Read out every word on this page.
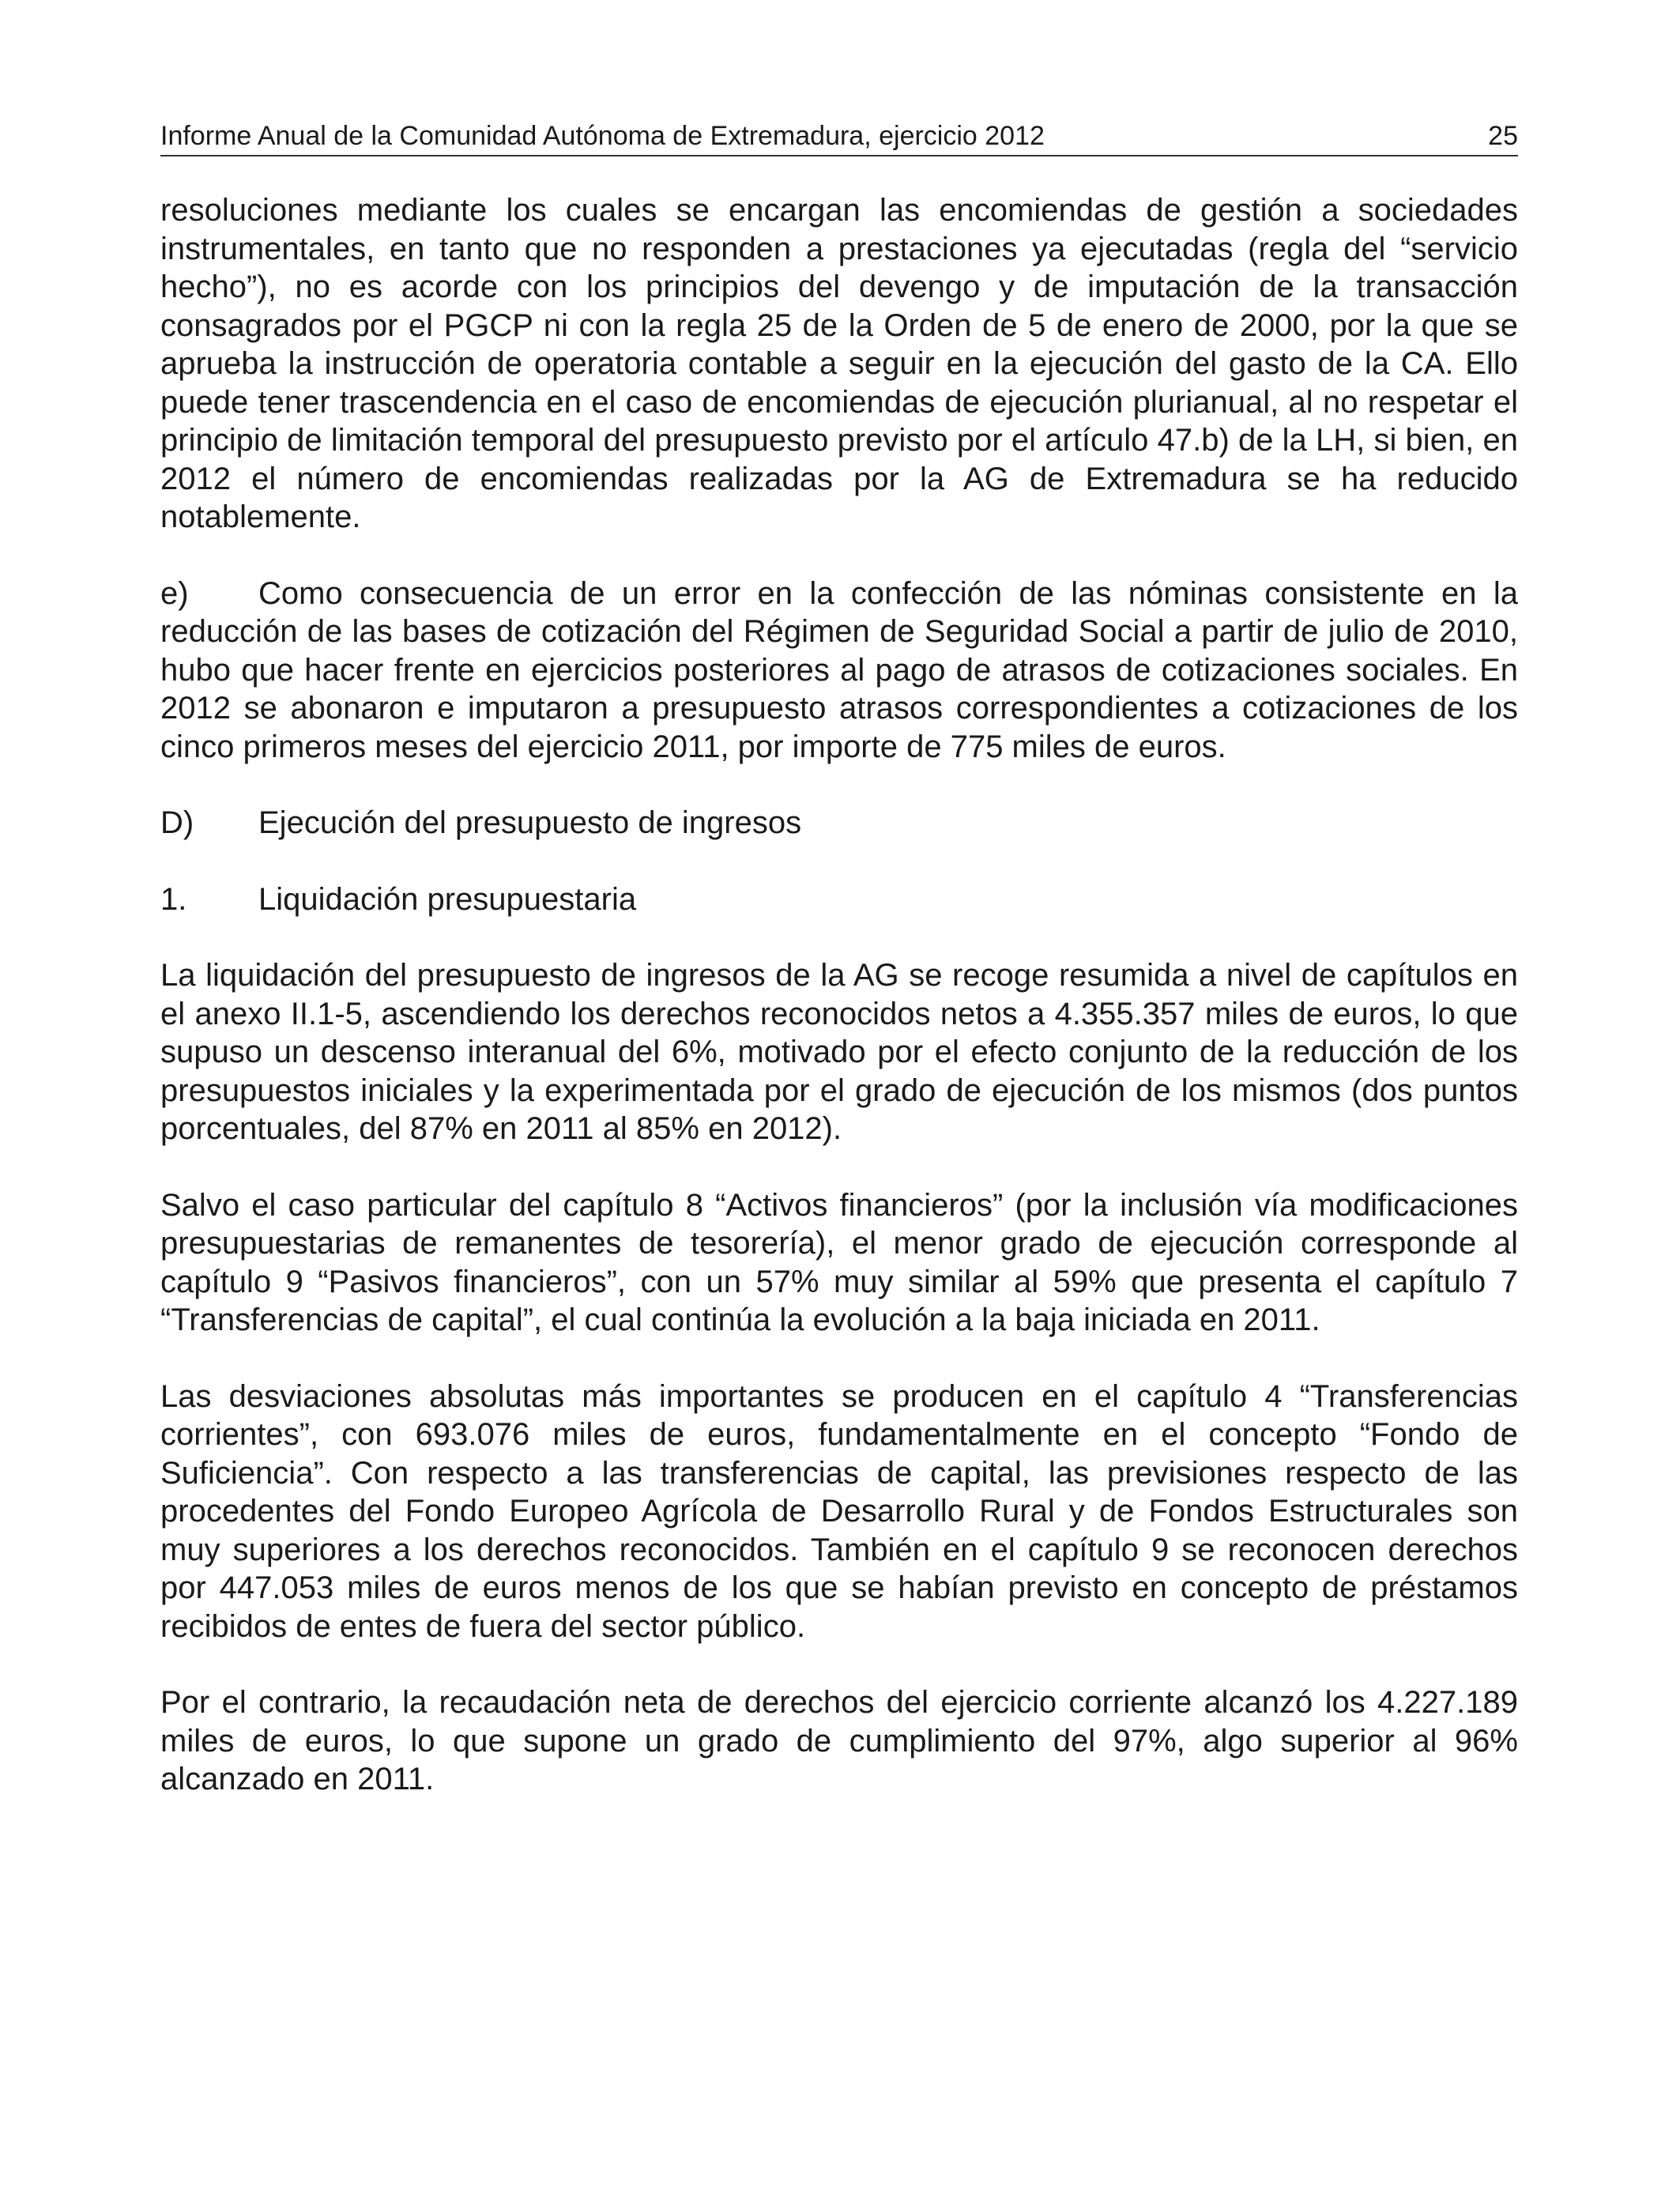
Informe Anual de la Comunidad Autónoma de Extremadura, ejercicio 2012	25

resoluciones mediante los cuales se encargan las encomiendas de gestión a sociedades instrumentales, en tanto que no responden a prestaciones ya ejecutadas (regla del “servicio hecho”), no es acorde con los principios del devengo y de imputación de la transacción consagrados por el PGCP ni con la regla 25 de la Orden de 5 de enero de 2000, por la que se aprueba la instrucción de operatoria contable a seguir en la ejecución del gasto de la CA. Ello puede tener trascendencia en el caso de encomiendas de ejecución plurianual, al no respetar el principio de limitación temporal del presupuesto previsto por el artículo 47.b) de la LH, si bien, en 2012 el número de encomiendas realizadas por la AG de Extremadura se ha reducido notablemente.

e) Como consecuencia de un error en la confección de las nóminas consistente en la reducción de las bases de cotización del Régimen de Seguridad Social a partir de julio de 2010, hubo que hacer frente en ejercicios posteriores al pago de atrasos de cotizaciones sociales. En 2012 se abonaron e imputaron a presupuesto atrasos correspondientes a cotizaciones de los cinco primeros meses del ejercicio 2011, por importe de 775 miles de euros.

D)	Ejecución del presupuesto de ingresos
1.	Liquidación presupuestaria

La liquidación del presupuesto de ingresos de la AG se recoge resumida a nivel de capítulos en el anexo II.1-5, ascendiendo los derechos reconocidos netos a 4.355.357 miles de euros, lo que supuso un descenso interanual del 6%, motivado por el efecto conjunto de la reducción de los presupuestos iniciales y la experimentada por el grado de ejecución de los mismos (dos puntos porcentuales, del 87% en 2011 al 85% en 2012).

Salvo el caso particular del capítulo 8 “Activos financieros” (por la inclusión vía modificaciones presupuestarias de remanentes de tesorería), el menor grado de ejecución corresponde al capítulo 9 “Pasivos financieros”, con un 57% muy similar al 59% que presenta el capítulo 7 “Transferencias de capital”, el cual continúa la evolución a la baja iniciada en 2011.

Las desviaciones absolutas más importantes se producen en el capítulo 4 “Transferencias corrientes”, con 693.076 miles de euros, fundamentalmente en el concepto “Fondo de Suficiencia”. Con respecto a las transferencias de capital, las previsiones respecto de las procedentes del Fondo Europeo Agrícola de Desarrollo Rural y de Fondos Estructurales son muy superiores a los derechos reconocidos. También en el capítulo 9 se reconocen derechos por 447.053 miles de euros menos de los que se habían previsto en concepto de préstamos recibidos de entes de fuera del sector público.

Por el contrario, la recaudación neta de derechos del ejercicio corriente alcanzó los 4.227.189 miles de euros, lo que supone un grado de cumplimiento del 97%, algo superior al 96% alcanzado en 2011.
